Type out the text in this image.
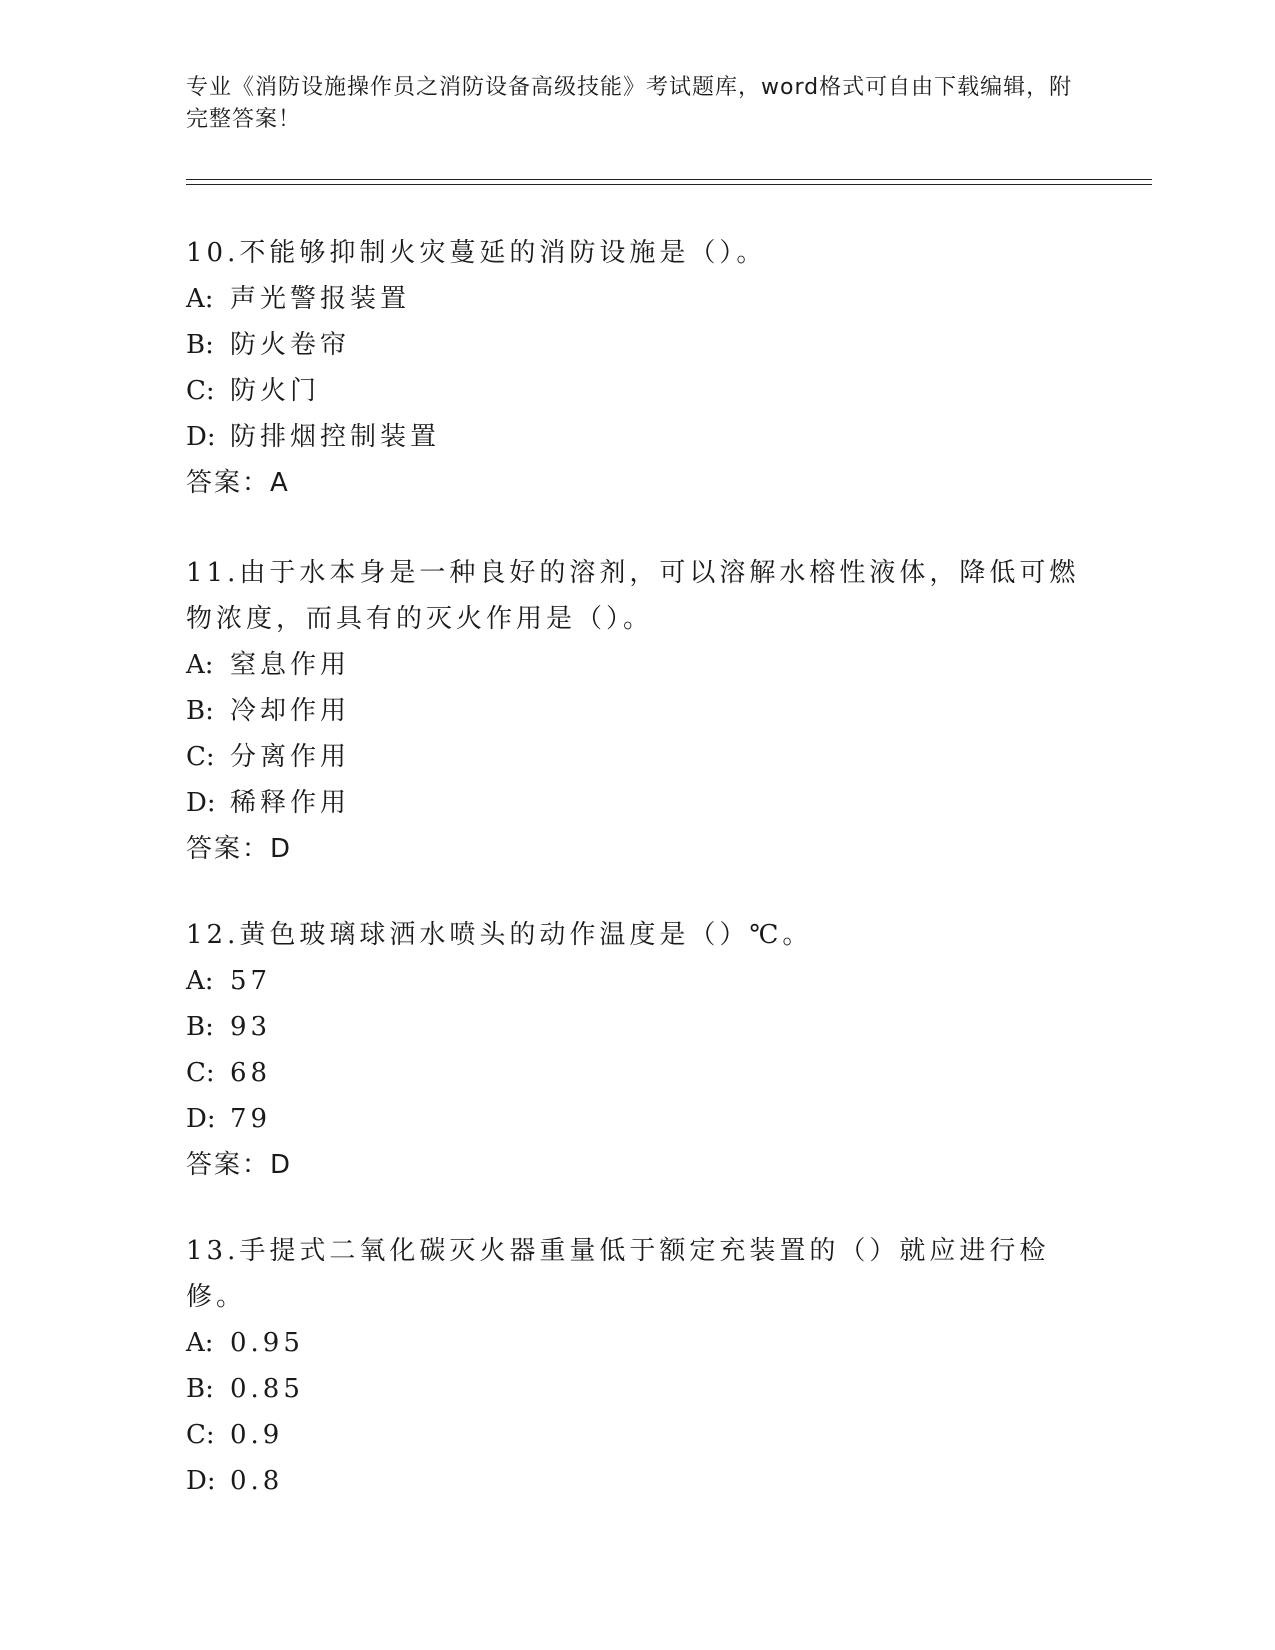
专业《消防设施操作员之消防设备高级技能》考试题库，word格式可自由下载编辑，附完整答案！

10.不能够抑制火灾蔓延的消防设施是（）。

A: 声光警报装置

B: 防火卷帘

C: 防火门

D: 防排烟控制装置

答案：A

11.由于水本身是一种良好的溶剂，可以溶解水榕性液体，降低可燃物浓度，而具有的灭火作用是（）。

A: 窒息作用

B: 冷却作用

C: 分离作用

D: 稀释作用

答案：D

12.黄色玻璃球洒水喷头的动作温度是（）℃。

A: 57

B: 93

C: 68

D: 79

答案：D

13.手提式二氧化碳灭火器重量低于额定充装置的（）就应进行检修。

A: 0.95

B: 0.85

C: 0.9

D: 0.8
